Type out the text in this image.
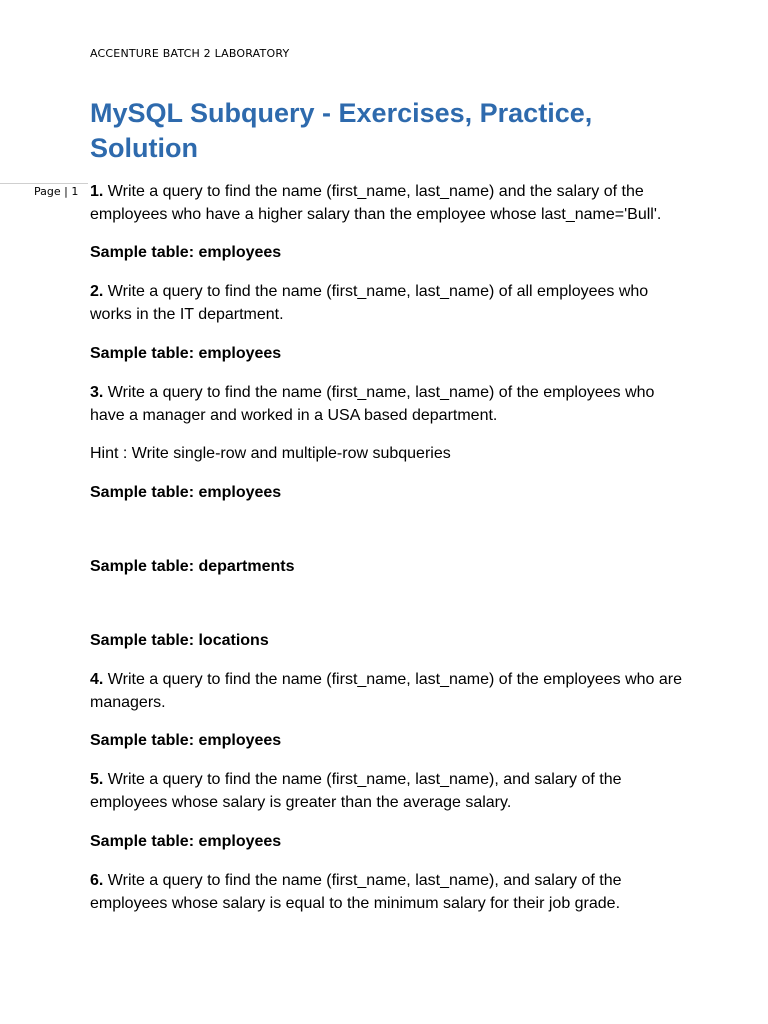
ACCENTURE BATCH 2 LABORATORY
MySQL Subquery - Exercises, Practice, Solution
Page | 1 1. Write a query to find the name (first_name, last_name) and the salary of the employees who have a higher salary than the employee whose last_name='Bull'.

Sample table: employees

2. Write a query to find the name (first_name, last_name) of all employees who works in the IT department.

Sample table: employees

3. Write a query to find the name (first_name, last_name) of the employees who have a manager and worked in a USA based department.

Hint : Write single-row and multiple-row subqueries

Sample table: employees

Sample table: departments

Sample table: locations

4. Write a query to find the name (first_name, last_name) of the employees who are managers.

Sample table: employees

5. Write a query to find the name (first_name, last_name), and salary of the employees whose salary is greater than the average salary.

Sample table: employees

6. Write a query to find the name (first_name, last_name), and salary of the employees whose salary is equal to the minimum salary for their job grade.
